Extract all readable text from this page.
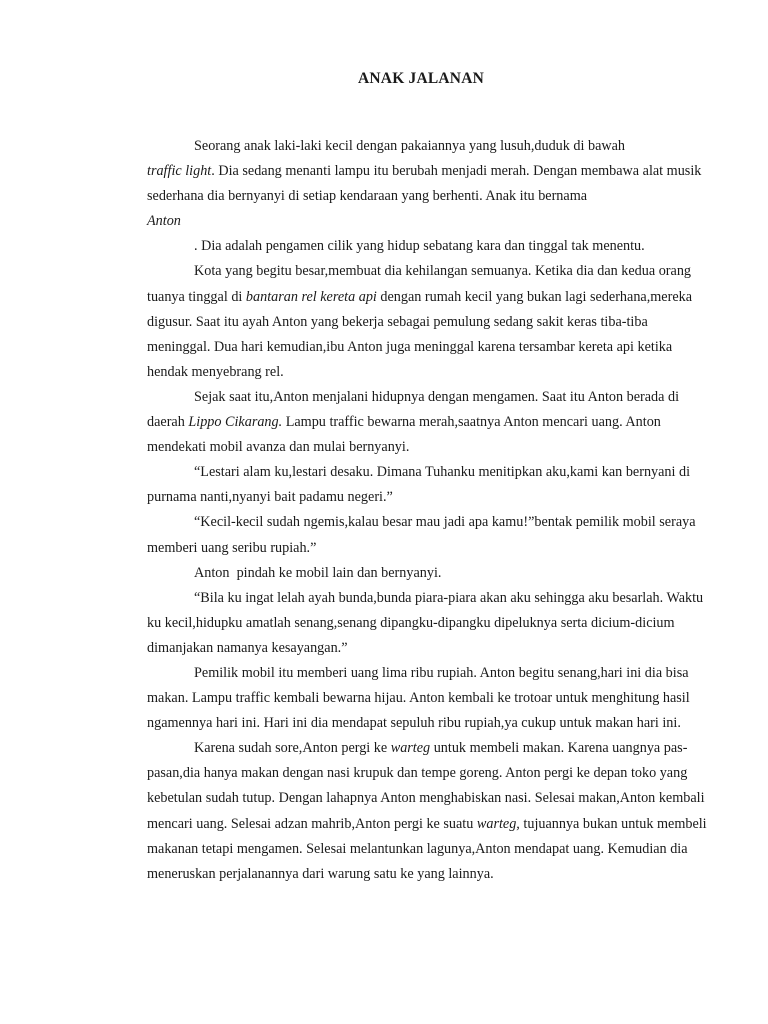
ANAK JALANAN

Seorang anak laki-laki kecil dengan pakaiannya yang lusuh,duduk di bawah
traffic light. Dia sedang menanti lampu itu berubah menjadi merah. Dengan membawa alat musik sederhana dia bernyanyi di setiap kendaraan yang berhenti. Anak itu bernama
Anton

. Dia adalah pengamen cilik yang hidup sebatang kara dan tinggal tak menentu.

Kota yang begitu besar,membuat dia kehilangan semuanya. Ketika dia dan kedua orang tuanya tinggal di bantaran rel kereta api dengan rumah kecil yang bukan lagi sederhana,mereka digusur. Saat itu ayah Anton yang bekerja sebagai pemulung sedang sakit keras tiba-tiba meninggal. Dua hari kemudian,ibu Anton juga meninggal karena tersambar kereta api ketika hendak menyebrang rel.

Sejak saat itu,Anton menjalani hidupnya dengan mengamen. Saat itu Anton berada di daerah Lippo Cikarang. Lampu traffic bewarna merah,saatnya Anton mencari uang. Anton mendekati mobil avanza dan mulai bernyanyi.

“Lestari alam ku,lestari desaku. Dimana Tuhanku menitipkan aku,kami kan bernyani di purnama nanti,nyanyi bait padamu negeri.”

“Kecil-kecil sudah ngemis,kalau besar mau jadi apa kamu!”bentak pemilik mobil seraya memberi uang seribu rupiah.”

Anton  pindah ke mobil lain dan bernyanyi.

“Bila ku ingat lelah ayah bunda,bunda piara-piara akan aku sehingga aku besarlah. Waktu ku kecil,hidupku amatlah senang,senang dipangku-dipangku dipeluknya serta dicium-dicium dimanjakan namanya kesayangan.”

Pemilik mobil itu memberi uang lima ribu rupiah. Anton begitu senang,hari ini dia bisa makan. Lampu traffic kembali bewarna hijau. Anton kembali ke trotoar untuk menghitung hasil ngamennya hari ini. Hari ini dia mendapat sepuluh ribu rupiah,ya cukup untuk makan hari ini.

Karena sudah sore,Anton pergi ke warteg untuk membeli makan. Karena uangnya pas-pasan,dia hanya makan dengan nasi krupuk dan tempe goreng. Anton pergi ke depan toko yang kebetulan sudah tutup. Dengan lahapnya Anton menghabiskan nasi. Selesai makan,Anton kembali mencari uang. Selesai adzan mahrib,Anton pergi ke suatu warteg, tujuannya bukan untuk membeli makanan tetapi mengamen. Selesai melantunkan lagunya,Anton mendapat uang. Kemudian dia meneruskan perjalanannya dari warung satu ke yang lainnya.
